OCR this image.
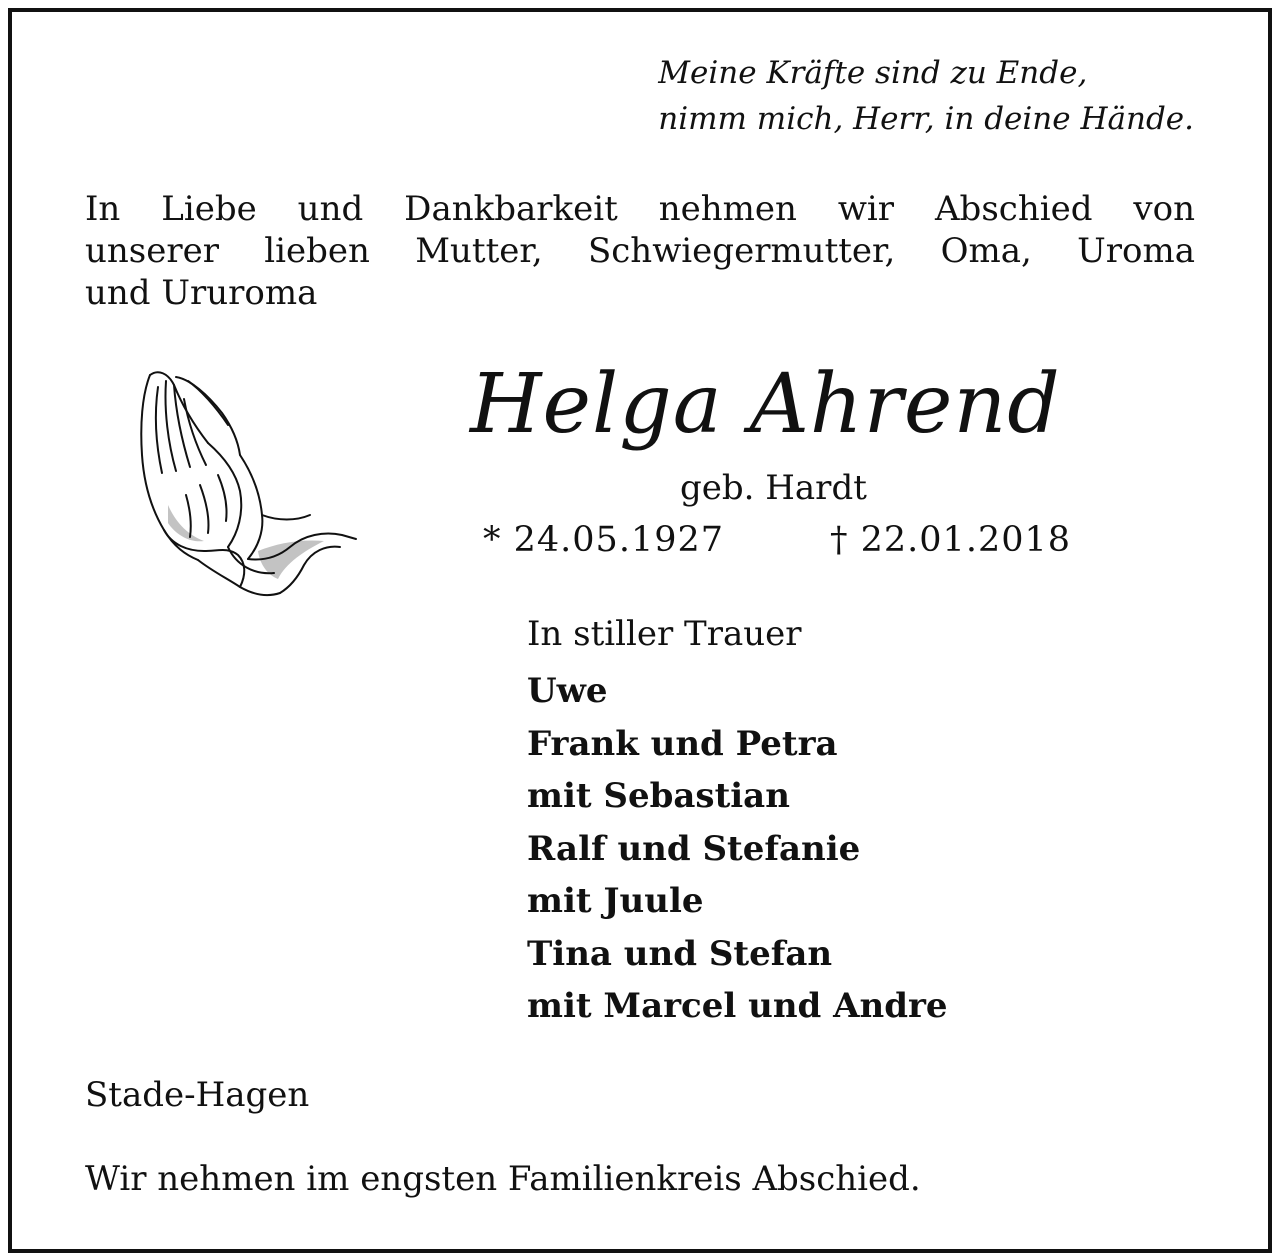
Meine Kräfte sind zu Ende,
nimm mich, Herr, in deine Hände.
In Liebe und Dankbarkeit nehmen wir Abschied von
unserer lieben Mutter, Schwiegermutter, Oma, Uroma
und Ururoma
Helga Ahrend
geb. Hardt
* 24.05.1927	† 22.01.2018
In stiller Trauer
Uwe
Frank und Petra
mit Sebastian
Ralf und Stefanie
mit Juule
Tina und Stefan
mit Marcel und Andre
Stade-Hagen
Wir nehmen im engsten Familienkreis Abschied.
